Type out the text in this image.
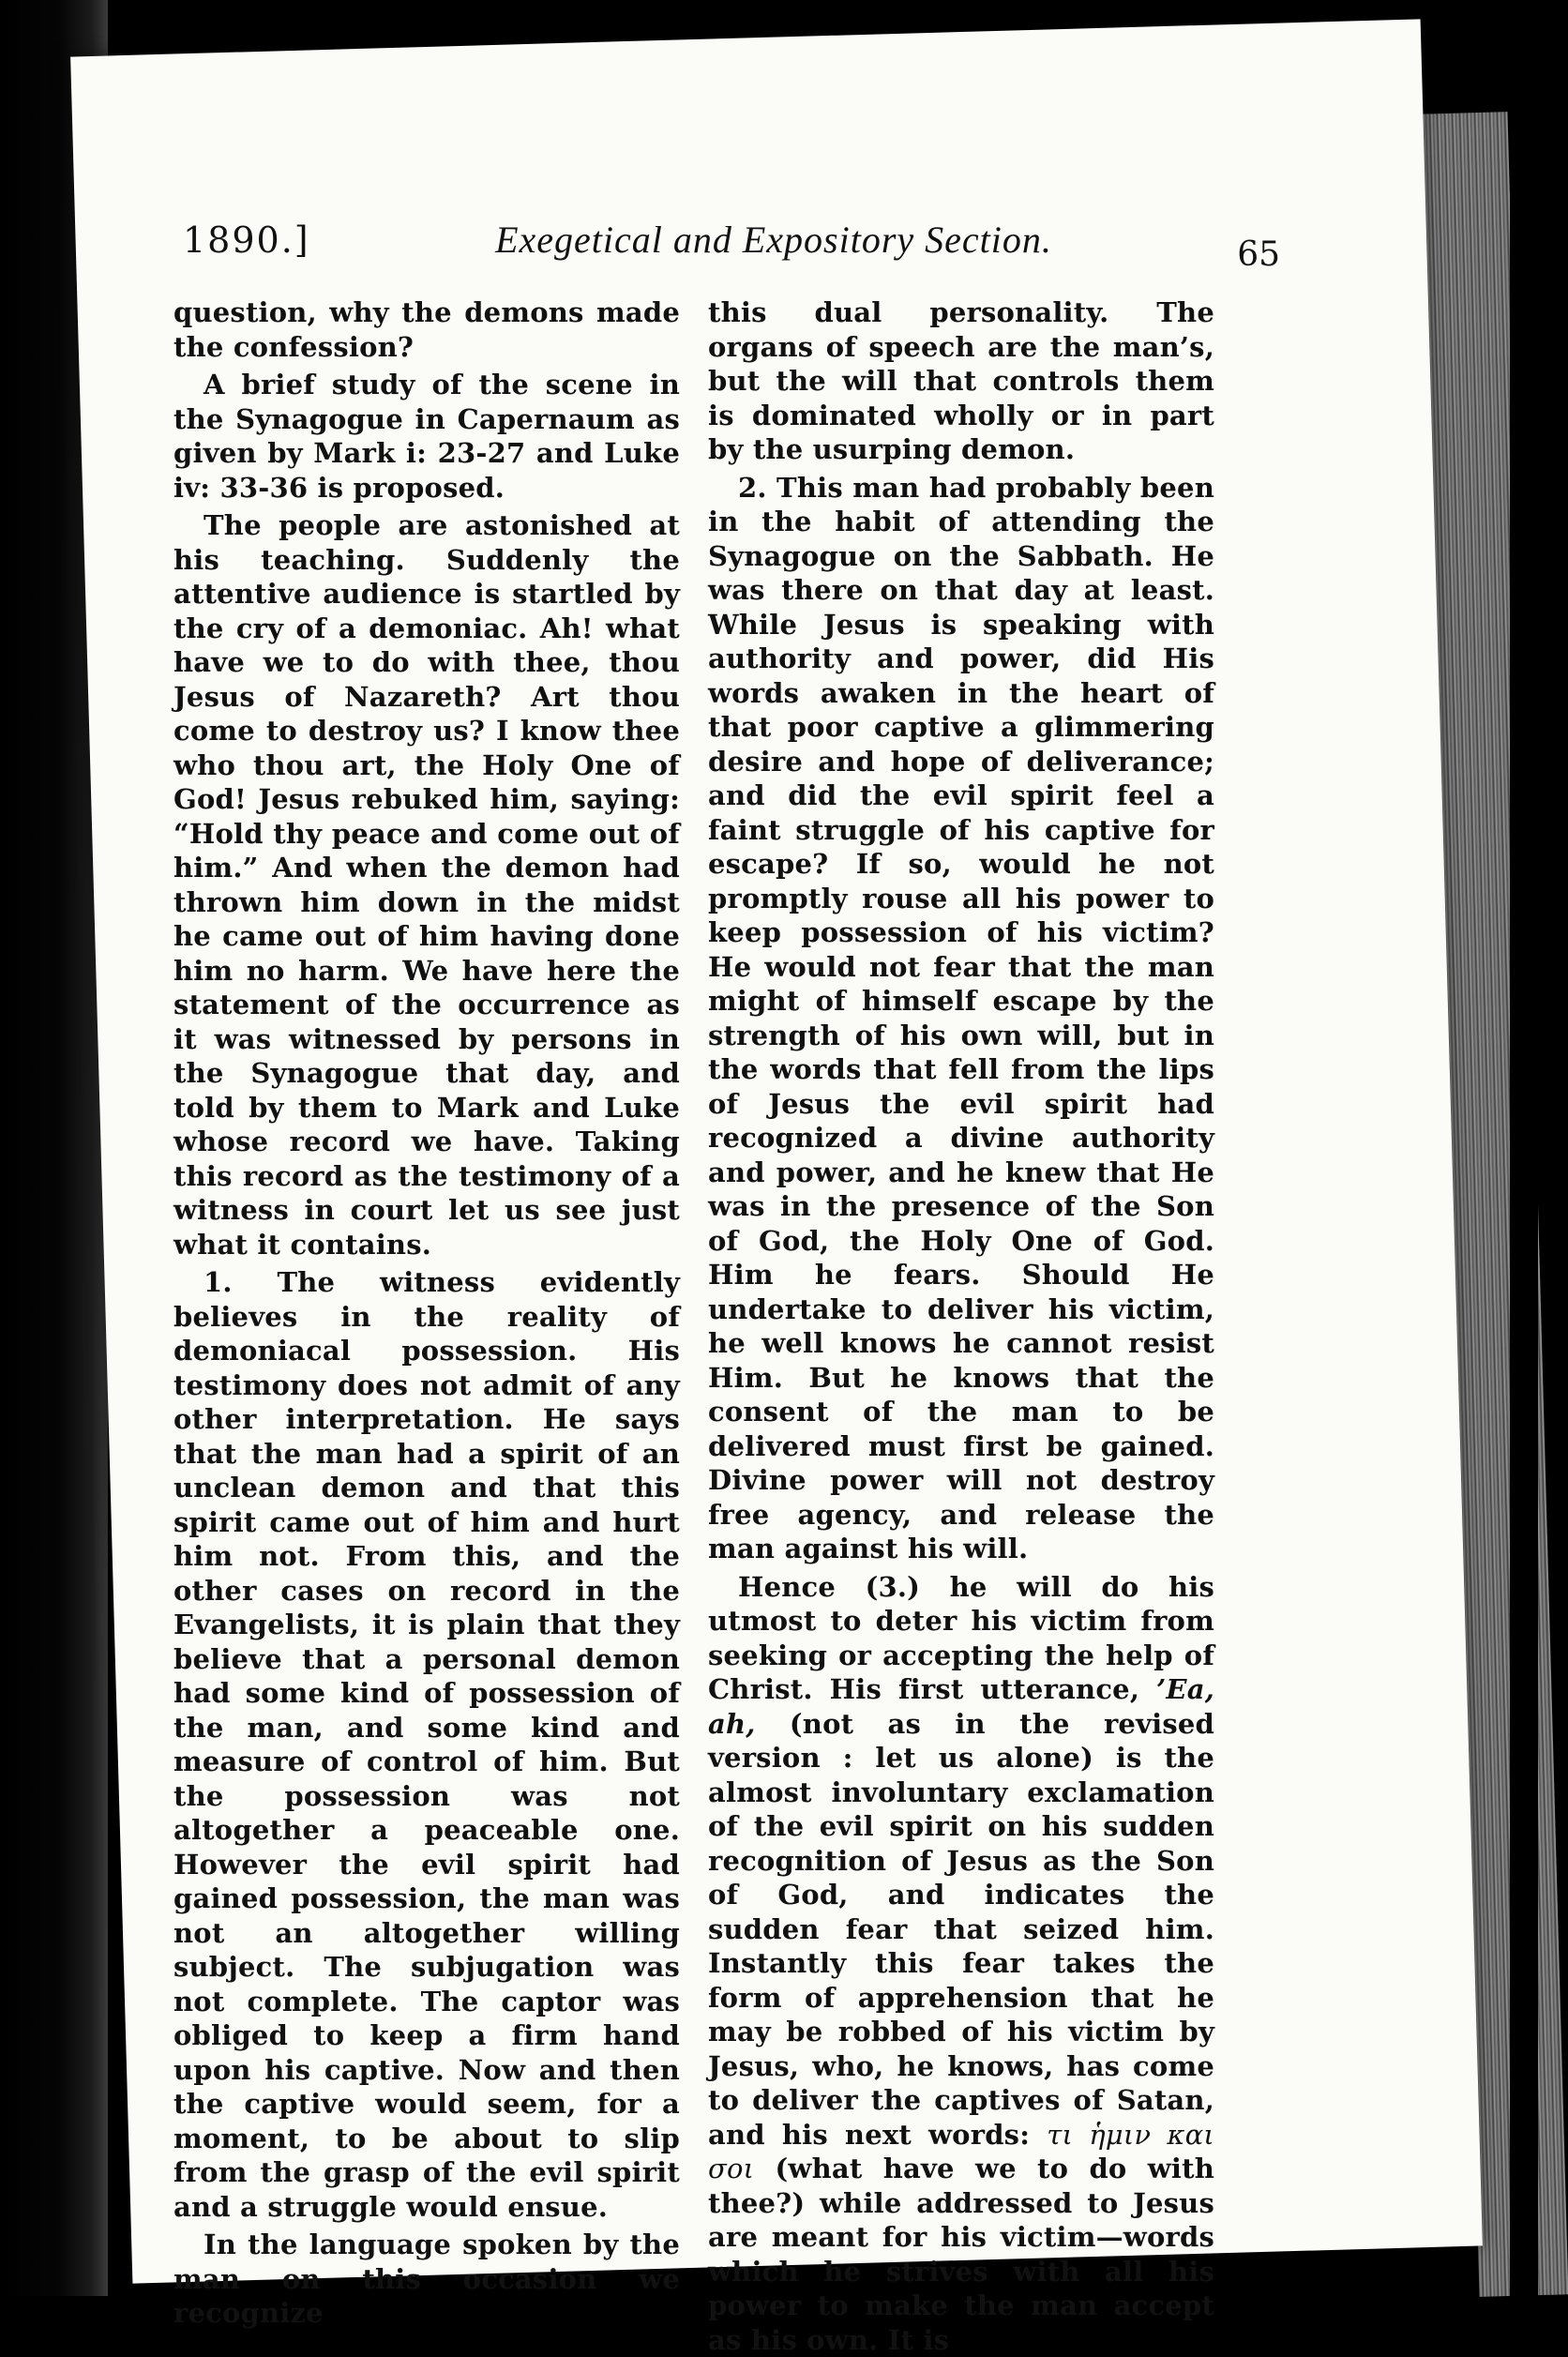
1890.]	Exegetical and Expository Section.	65

question, why the demons made the confession?

A brief study of the scene in the Synagogue in Capernaum as given by Mark i: 23-27 and Luke iv: 33-36 is proposed.

The people are astonished at his teaching. Suddenly the attentive audience is startled by the cry of a demoniac. Ah! what have we to do with thee, thou Jesus of Nazareth? Art thou come to destroy us? I know thee who thou art, the Holy One of God! Jesus rebuked him, saying: “Hold thy peace and come out of him.” And when the demon had thrown him down in the midst he came out of him having done him no harm. We have here the statement of the occurrence as it was witnessed by persons in the Synagogue that day, and told by them to Mark and Luke whose record we have. Taking this record as the testimony of a witness in court let us see just what it contains.

1. The witness evidently believes in the reality of demoniacal possession. His testimony does not admit of any other interpretation. He says that the man had a spirit of an unclean demon and that this spirit came out of him and hurt him not. From this, and the other cases on record in the Evangelists, it is plain that they believe that a personal demon had some kind of possession of the man, and some kind and measure of control of him. But the possession was not altogether a peaceable one. However the evil spirit had gained possession, the man was not an altogether willing subject. The subjugation was not complete. The captor was obliged to keep a firm hand upon his captive. Now and then the captive would seem, for a moment, to be about to slip from the grasp of the evil spirit and a struggle would ensue.

In the language spoken by the man on this occasion we recognize

this dual personality. The organs of speech are the man’s, but the will that controls them is dominated wholly or in part by the usurping demon.

2. This man had probably been in the habit of attending the Synagogue on the Sabbath. He was there on that day at least. While Jesus is speaking with authority and power, did His words awaken in the heart of that poor captive a glimmering desire and hope of deliverance; and did the evil spirit feel a faint struggle of his captive for escape? If so, would he not promptly rouse all his power to keep possession of his victim? He would not fear that the man might of himself escape by the strength of his own will, but in the words that fell from the lips of Jesus the evil spirit had recognized a divine authority and power, and he knew that He was in the presence of the Son of God, the Holy One of God. Him he fears. Should He undertake to deliver his victim, he well knows he cannot resist Him. But he knows that the consent of the man to be delivered must first be gained. Divine power will not destroy free agency, and release the man against his will.

Hence (3.) he will do his utmost to deter his victim from seeking or accepting the help of Christ. His first utterance, ’Ea, ah, (not as in the revised version : let us alone) is the almost involuntary exclamation of the evil spirit on his sudden recognition of Jesus as the Son of God, and indicates the sudden fear that seized him. Instantly this fear takes the form of apprehension that he may be robbed of his victim by Jesus, who, he knows, has come to deliver the captives of Satan, and his next words: τι ἡμιν και σοι (what have we to do with thee?) while addressed to Jesus are meant for his victim—words which he strives with all his power to make the man accept as his own. It is
